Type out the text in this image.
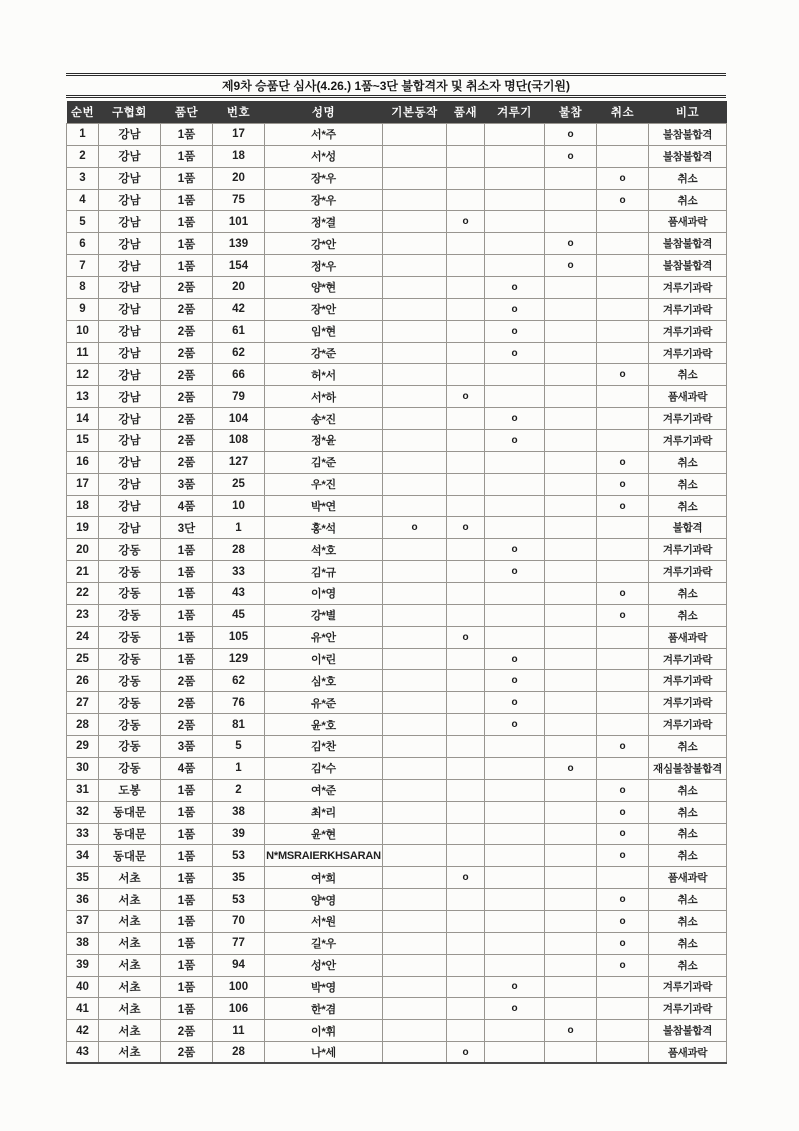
제9차 승품단 심사(4.26.) 1품~3단 불합격자 및 취소자 명단(국기원)
순번	구협회	품단	번호	성명	기본동작	품새	겨루기	불참	취소	비고
1	강남	1품	17	서*주				o		불참불합격
2	강남	1품	18	서*성				o		불참불합격
3	강남	1품	20	장*우					o	취소
4	강남	1품	75	장*우					o	취소
5	강남	1품	101	정*결		o				품새과락
6	강남	1품	139	강*안				o		불참불합격
7	강남	1품	154	정*우				o		불참불합격
8	강남	2품	20	양*현			o			겨루기과락
9	강남	2품	42	장*안			o			겨루기과락
10	강남	2품	61	임*현			o			겨루기과락
11	강남	2품	62	강*준			o			겨루기과락
12	강남	2품	66	허*서					o	취소
13	강남	2품	79	서*하		o				품새과락
14	강남	2품	104	송*진			o			겨루기과락
15	강남	2품	108	정*윤			o			겨루기과락
16	강남	2품	127	김*준					o	취소
17	강남	3품	25	우*진					o	취소
18	강남	4품	10	박*연					o	취소
19	강남	3단	1	홍*석	o	o				불합격
20	강동	1품	28	석*호			o			겨루기과락
21	강동	1품	33	김*규			o			겨루기과락
22	강동	1품	43	이*영					o	취소
23	강동	1품	45	강*별					o	취소
24	강동	1품	105	유*안		o				품새과락
25	강동	1품	129	이*린			o			겨루기과락
26	강동	2품	62	심*호			o			겨루기과락
27	강동	2품	76	유*준			o			겨루기과락
28	강동	2품	81	윤*호			o			겨루기과락
29	강동	3품	5	김*찬					o	취소
30	강동	4품	1	김*수				o		재심불참불합격
31	도봉	1품	2	여*준					o	취소
32	동대문	1품	38	최*리					o	취소
33	동대문	1품	39	윤*현					o	취소
34	동대문	1품	53	N*MSRAIERKHSARAN					o	취소
35	서초	1품	35	여*희		o				품새과락
36	서초	1품	53	양*영					o	취소
37	서초	1품	70	서*원					o	취소
38	서초	1품	77	길*우					o	취소
39	서초	1품	94	성*안					o	취소
40	서초	1품	100	박*영			o			겨루기과락
41	서초	1품	106	한*겸			o			겨루기과락
42	서초	2품	11	이*휘				o		불참불합격
43	서초	2품	28	나*세		o				품새과락
